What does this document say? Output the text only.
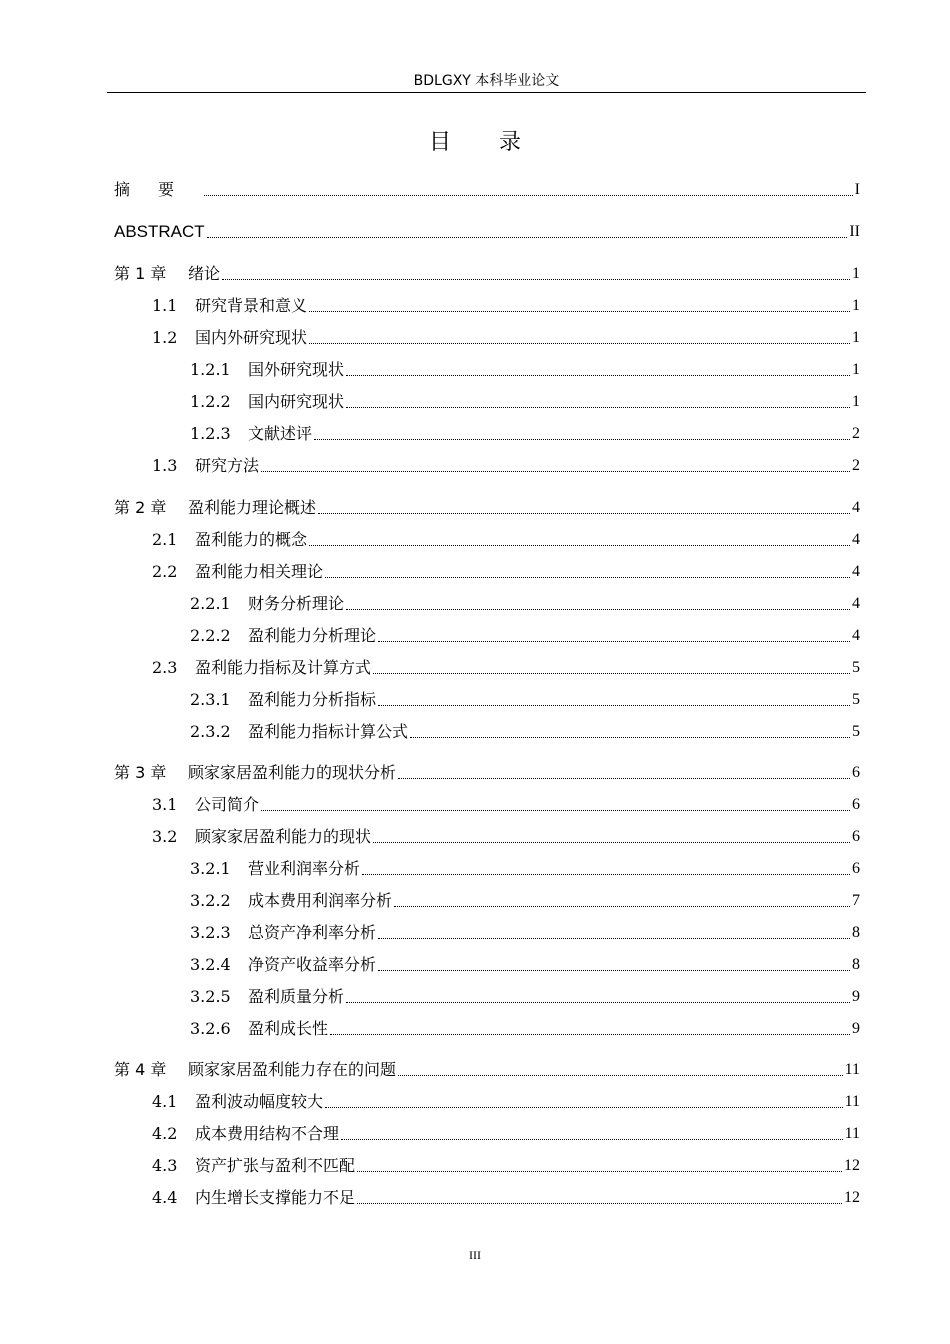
BDLGXY 本科毕业论文
目录
摘要	I
ABSTRACT	II
第 1 章	绪论	1
1.1	研究背景和意义	1
1.2	国内外研究现状	1
1.2.1	国外研究现状	1
1.2.2	国内研究现状	1
1.2.3	文献述评	2
1.3	研究方法	2
第 2 章	盈利能力理论概述	4
2.1	盈利能力的概念	4
2.2	盈利能力相关理论	4
2.2.1	财务分析理论	4
2.2.2	盈利能力分析理论	4
2.3	盈利能力指标及计算方式	5
2.3.1	盈利能力分析指标	5
2.3.2	盈利能力指标计算公式	5
第 3 章	顾家家居盈利能力的现状分析	6
3.1	公司简介	6
3.2	顾家家居盈利能力的现状	6
3.2.1	营业利润率分析	6
3.2.2	成本费用利润率分析	7
3.2.3	总资产净利率分析	8
3.2.4	净资产收益率分析	8
3.2.5	盈利质量分析	9
3.2.6	盈利成长性	9
第 4 章	顾家家居盈利能力存在的问题	11
4.1	盈利波动幅度较大	11
4.2	成本费用结构不合理	11
4.3	资产扩张与盈利不匹配	12
4.4	内生增长支撑能力不足	12
III
